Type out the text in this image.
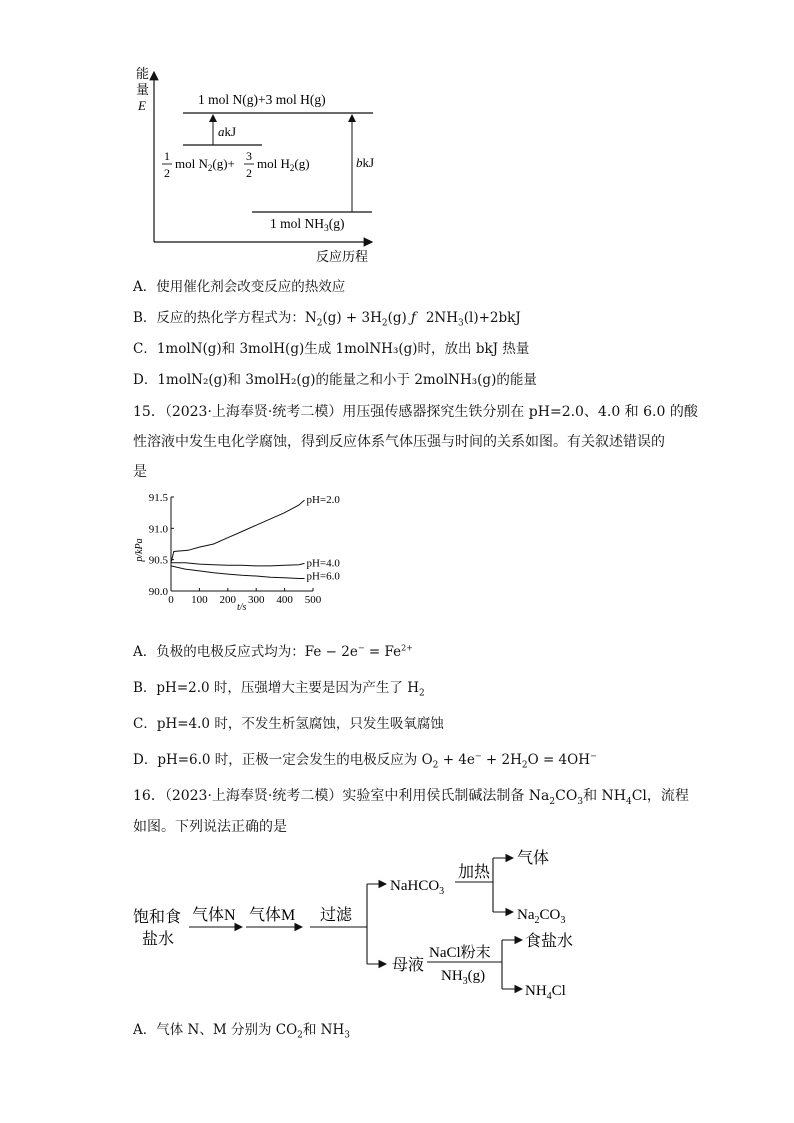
能
量
E	1 mol N(g)+3 mol H(g)
akJ
1
2
mol $N_2(g)+ 3$
2
mol $H_2(g)$	bkJ
1 mol $NH_3(g)$
反应历程
A．使用催化剂会改变反应的热效应
B．反应的热化学方程式为：$N_2(g) + 3H_2(g)$ ƒ $2NH_3(l)+2bkJ$
C．1molN(g)和 3molH(g)生成 1molNH₃(g)时，放出 bkJ 热量
D．1molN₂(g)和 3molH₂(g)的能量之和小于 2molNH₃(g)的能量
15．（2023·上海奉贤·统考二模）用压强传感器探究生铁分别在 pH=2.0、4.0 和 6.0 的酸
性溶液中发生电化学腐蚀，得到反应体系气体压强与时间的关系如图。有关叙述错误的
是
0 100 200 300 400 500
90.0
90.5
91.0
91.5	pH=2.0
pH=4.0
pH=6.0
t/s
p/kPa
A．负极的电极反应式均为：$Fe - 2e^- = Fe^{2+}$
B．pH=2.0 时，压强增大主要是因为产生了 $H_2$
C．pH=4.0 时，不发生析氢腐蚀，只发生吸氧腐蚀
D．pH=6.0 时，正极一定会发生的电极反应为 $O_2 + 4e^- + 2H_2O = 4OH^-$
16．（2023·上海奉贤·统考二模）实验室中利用侯氏制碱法制备 $Na_2CO_3$和 $NH_4Cl$，流程
如图。下列说法正确的是
饱和食
盐水
气体N 气体M 过滤
NaHCO$_3$
加热
气体
$Na_2CO_3$
母液
NaCl粉末
$NH_3(g)$
食盐水
$NH_4Cl$
A．气体 N、M 分别为 $CO_2$和 $NH_3$
